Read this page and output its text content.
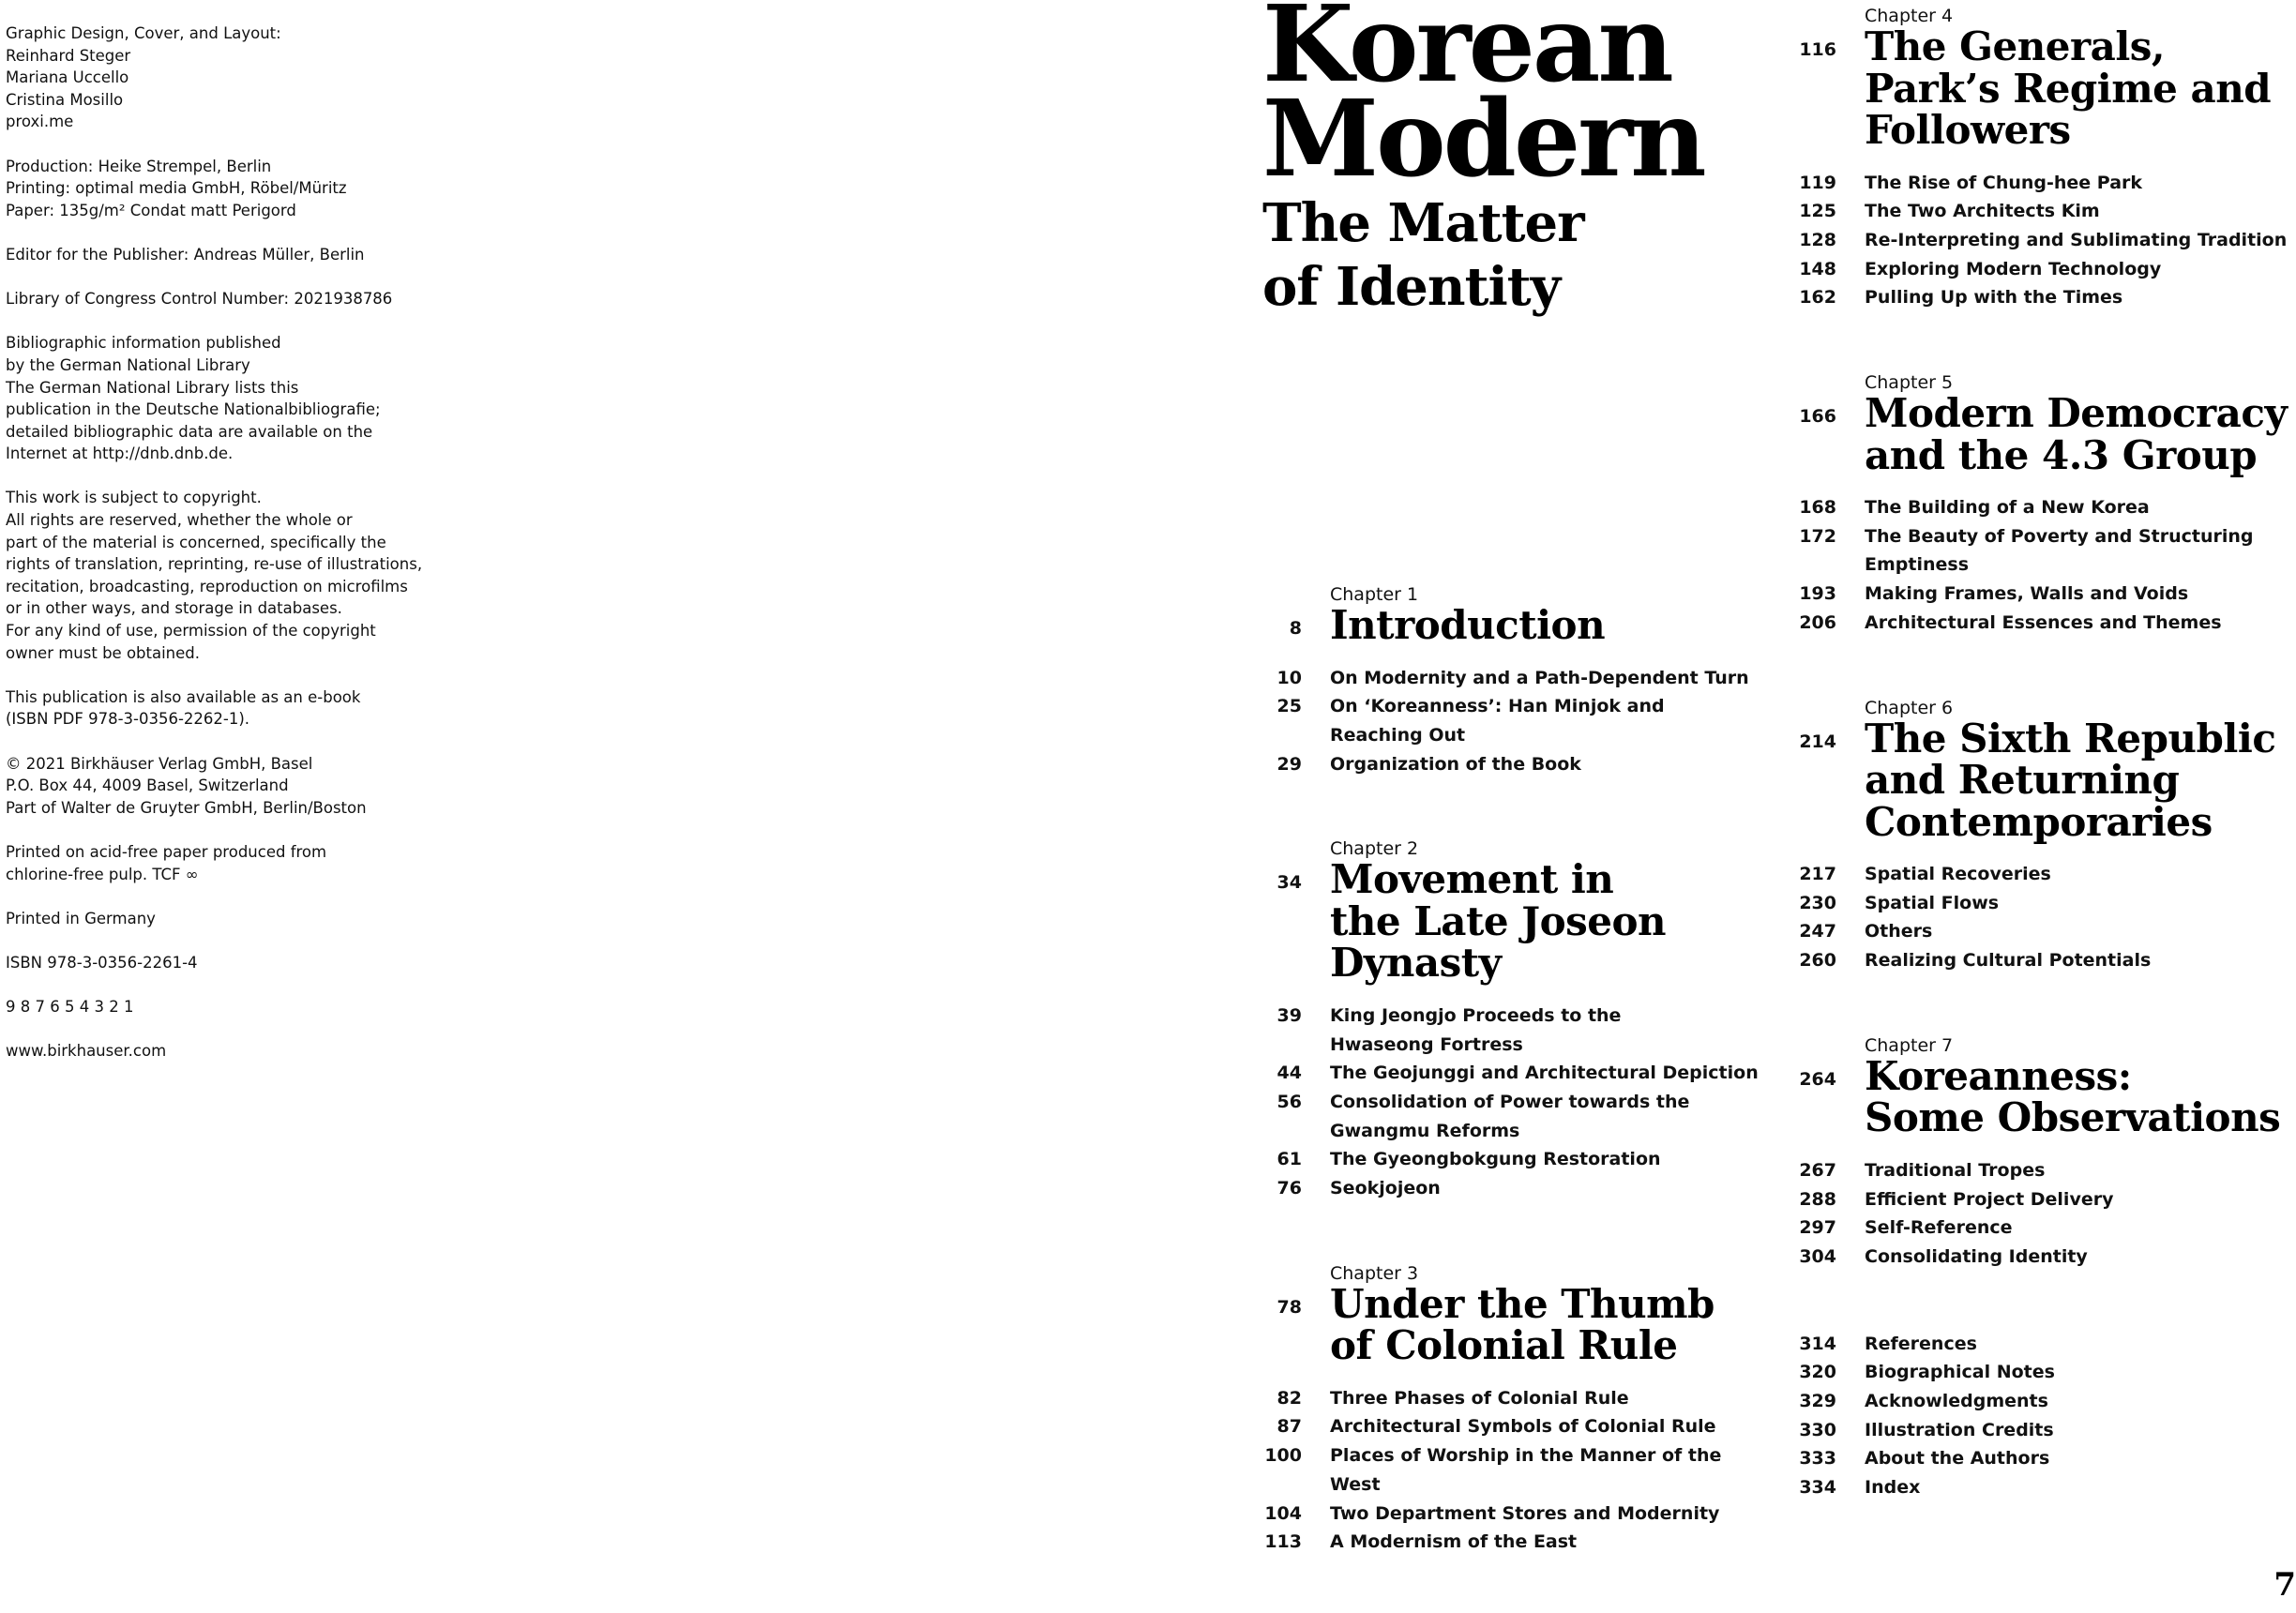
Graphic Design, Cover, and Layout:
Reinhard Steger
Mariana Uccello
Cristina Mosillo
proxi.me

Production: Heike Strempel, Berlin
Printing: optimal media GmbH, Röbel/Müritz
Paper: 135g/m² Condat matt Perigord

Editor for the Publisher: Andreas Müller, Berlin

Library of Congress Control Number: 2021938786

Bibliographic information published
by the German National Library
The German National Library lists this
publication in the Deutsche Nationalbibliografie;
detailed bibliographic data are available on the
Internet at http://dnb.dnb.de.

This work is subject to copyright.
All rights are reserved, whether the whole or
part of the material is concerned, specifically the
rights of translation, reprinting, re-use of illustrations,
recitation, broadcasting, reproduction on microfilms
or in other ways, and storage in databases.
For any kind of use, permission of the copyright
owner must be obtained.

This publication is also available as an e-book
(ISBN PDF 978-3-0356-2262-1).

© 2021 Birkhäuser Verlag GmbH, Basel
P.O. Box 44, 4009 Basel, Switzerland
Part of Walter de Gruyter GmbH, Berlin/Boston

Printed on acid-free paper produced from
chlorine-free pulp. TCF ∞

Printed in Germany

ISBN 978-3-0356-2261-4

9 8 7 6 5 4 3 2 1

www.birkhauser.com

Korean
Modern
The Matter
of Identity
Chapter 1
8 Introduction
10 On Modernity and a Path-Dependent Turn
25 On ‘Koreanness’: Han Minjok and
Reaching Out
29 Organization of the Book
Chapter 2
34 Movement in
the Late Joseon
Dynasty
39 King Jeongjo Proceeds to the
Hwaseong Fortress
44 The Geojunggi and Architectural Depiction
56 Consolidation of Power towards the
Gwangmu Reforms
61 The Gyeongbokgung Restoration
76 Seokjojeon
Chapter 3
78 Under the Thumb
of Colonial Rule
82 Three Phases of Colonial Rule
87 Architectural Symbols of Colonial Rule
100 Places of Worship in the Manner of the West
104 Two Department Stores and Modernity
113 A Modernism of the East
Chapter 4
116 The Generals,
Park’s Regime and
Followers
119 The Rise of Chung-hee Park
125 The Two Architects Kim
128 Re-Interpreting and Sublimating Tradition
148 Exploring Modern Technology
162 Pulling Up with the Times
Chapter 5
166 Modern Democracy
and the 4.3 Group
168 The Building of a New Korea
172 The Beauty of Poverty and Structuring
Emptiness
193 Making Frames, Walls and Voids
206 Architectural Essences and Themes
Chapter 6
214 The Sixth Republic
and Returning
Contemporaries
217 Spatial Recoveries
230 Spatial Flows
247 Others
260 Realizing Cultural Potentials
Chapter 7
264 Koreanness:
Some Observations
267 Traditional Tropes
288 Efficient Project Delivery
297 Self-Reference
304 Consolidating Identity
314 References
320 Biographical Notes
329 Acknowledgments
330 Illustration Credits
333 About the Authors
334 Index
7
